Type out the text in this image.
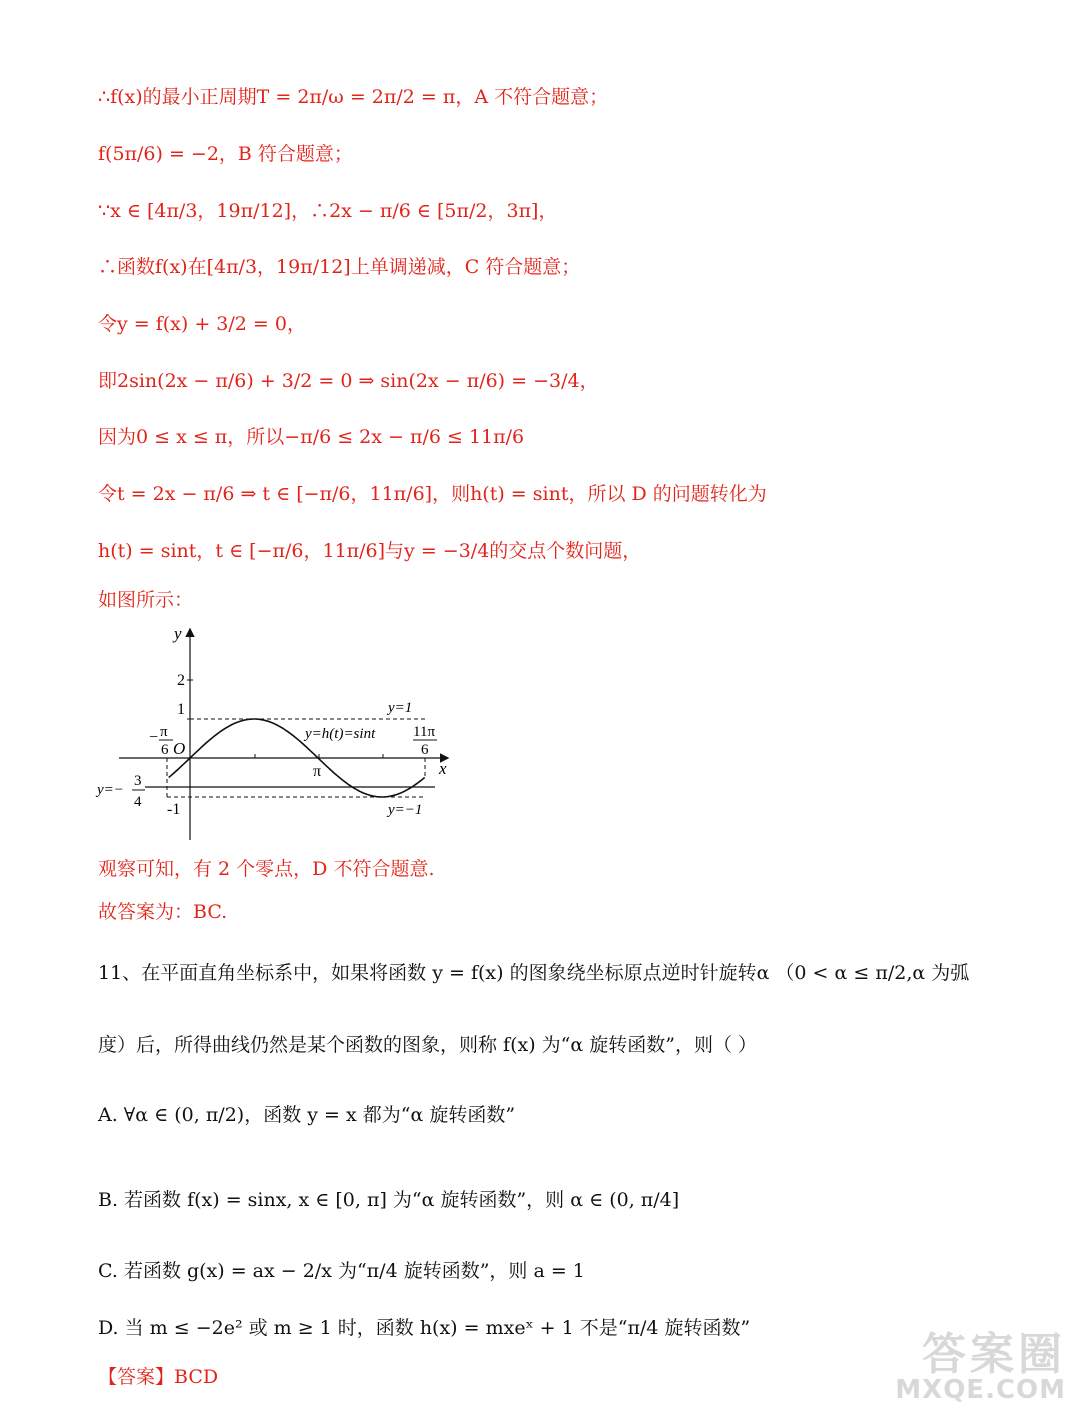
∴f(x)的最小正周期T = 2π/ω = 2π/2 = π，A 不符合题意；
f(5π/6) = −2，B 符合题意；
∵x ∈ [4π/3，19π/12]，∴2x − π/6 ∈ [5π/2，3π]，
∴函数f(x)在[4π/3，19π/12]上单调递减，C 符合题意；
令y = f(x) + 3/2 = 0，
即2sin(2x − π/6) + 3/2 = 0 ⇒ sin(2x − π/6) = −3/4，
因为0 ≤ x ≤ π，所以−π/6 ≤ 2x − π/6 ≤ 11π/6
令t = 2x − π/6 ⇒ t ∈ [−π/6，11π/6]，则h(t) = sint，所以 D 的问题转化为
h(t) = sint，t ∈ [−π/6，11π/6]与y = −3/4的交点个数问题，
如图所示：
y
x
O
2
1
-1
π
− π
6
11π
6
y=1
y=−1
y=h(t)=sint
y=−
3
4
观察可知，有 2 个零点，D 不符合题意.
故答案为：BC.
11、在平面直角坐标系中，如果将函数 y = f(x) 的图象绕坐标原点逆时针旋转α （0 < α ≤ π/2,α 为弧
度）后，所得曲线仍然是某个函数的图象，则称 f(x) 为“α 旋转函数”，则（ ）
A. ∀α ∈ (0, π/2)，函数 y = x 都为“α 旋转函数”
B. 若函数 f(x) = sinx, x ∈ [0, π] 为“α 旋转函数”，则 α ∈ (0, π/4]
C. 若函数 g(x) = ax − 2/x 为“π/4 旋转函数”，则 a = 1
D. 当 m ≤ −2e² 或 m ≥ 1 时，函数 h(x) = mxeˣ + 1 不是“π/4 旋转函数”
【答案】BCD	答案圈
MXQE.COM
